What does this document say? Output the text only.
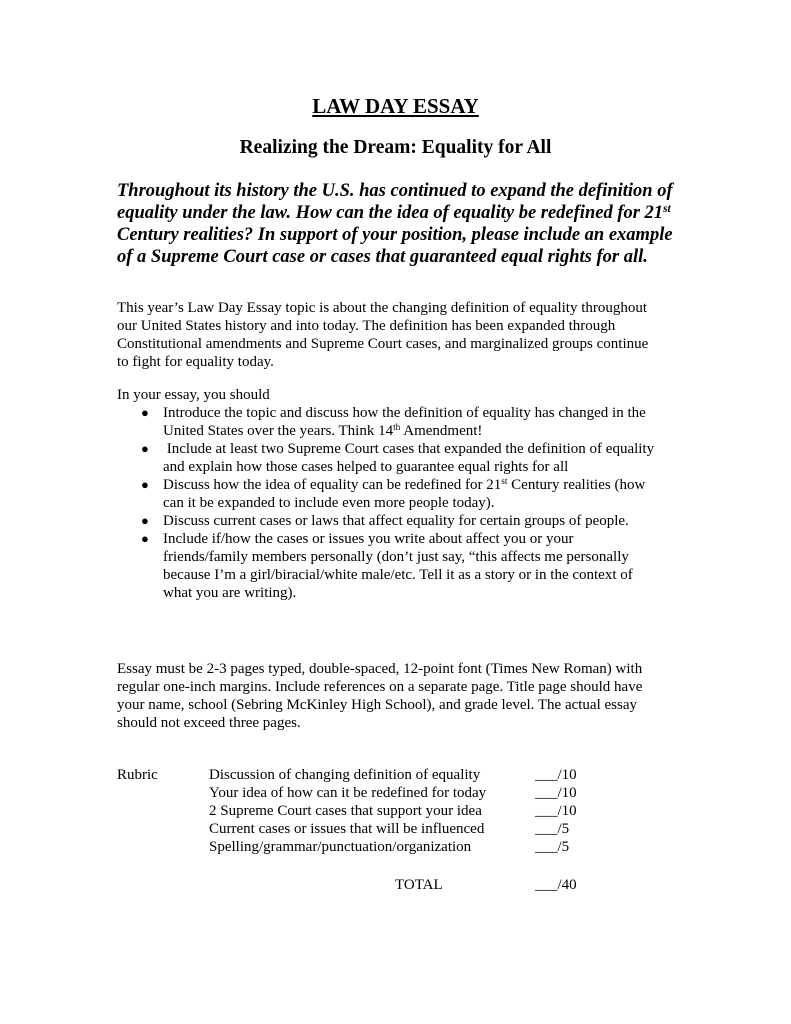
LAW DAY ESSAY
Realizing the Dream: Equality for All
Throughout its history the U.S. has continued to expand the definition of
equality under the law. How can the idea of equality be redefined for 21st
Century realities? In support of your position, please include an example
of a Supreme Court case or cases that guaranteed equal rights for all.
This year’s Law Day Essay topic is about the changing definition of equality throughout
our United States history and into today. The definition has been expanded through
Constitutional amendments and Supreme Court cases, and marginalized groups continue
to fight for equality today.
In your essay, you should
● Introduce the topic and discuss how the definition of equality has changed in the
United States over the years. Think 14th Amendment!
● Include at least two Supreme Court cases that expanded the definition of equality
and explain how those cases helped to guarantee equal rights for all
● Discuss how the idea of equality can be redefined for 21st Century realities (how
can it be expanded to include even more people today).
● Discuss current cases or laws that affect equality for certain groups of people.
● Include if/how the cases or issues you write about affect you or your
friends/family members personally (don’t just say, “this affects me personally
because I’m a girl/biracial/white male/etc. Tell it as a story or in the context of
what you are writing).
Essay must be 2-3 pages typed, double-spaced, 12-point font (Times New Roman) with
regular one-inch margins. Include references on a separate page. Title page should have
your name, school (Sebring McKinley High School), and grade level. The actual essay
should not exceed three pages.
Rubric	Discussion of changing definition of equality	___/10
Your idea of how can it be redefined for today	___/10
2 Supreme Court cases that support your idea	___/10
Current cases or issues that will be influenced	___/5
Spelling/grammar/punctuation/organization	___/5
TOTAL	___/40
